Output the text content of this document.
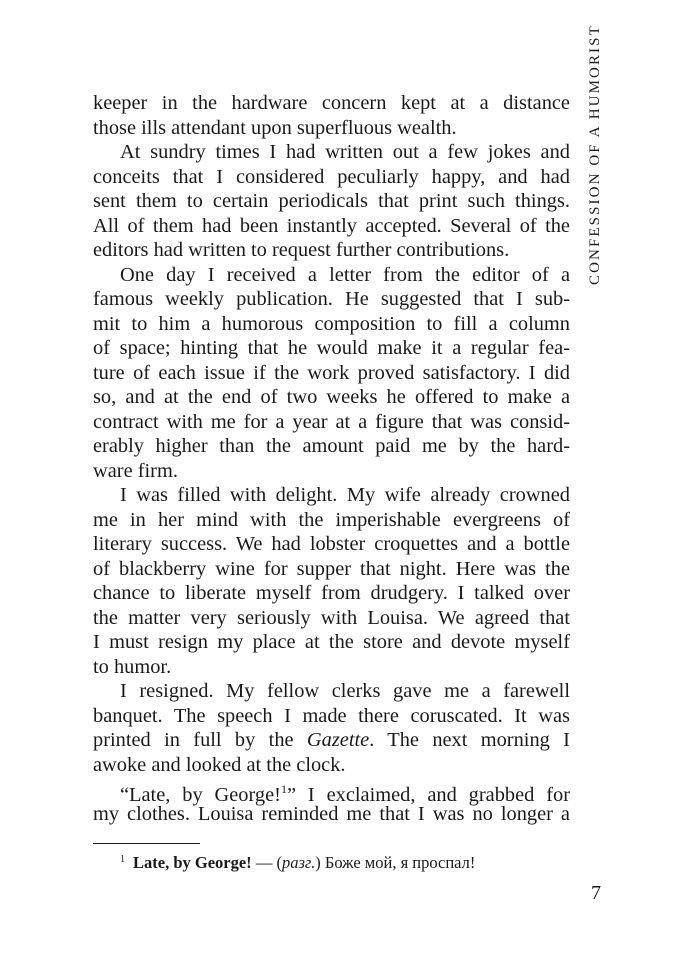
CONFESSION OF A HUMORIST

keeper in the hardware concern kept at a distance
those ills attendant upon superfluous wealth.

At sundry times I had written out a few jokes and
conceits that I considered peculiarly happy, and had
sent them to certain periodicals that print such things.
All of them had been instantly accepted. Several of the
editors had written to request further contributions.

One day I received a letter from the editor of a
famous weekly publication. He suggested that I sub-
mit to him a humorous composition to fill a column
of space; hinting that he would make it a regular fea-
ture of each issue if the work proved satisfactory. I did
so, and at the end of two weeks he offered to make a
contract with me for a year at a figure that was consid-
erably higher than the amount paid me by the hard-
ware firm.

I was filled with delight. My wife already crowned
me in her mind with the imperishable evergreens of
literary success. We had lobster croquettes and a bottle
of blackberry wine for supper that night. Here was the
chance to liberate myself from drudgery. I talked over
the matter very seriously with Louisa. We agreed that
I must resign my place at the store and devote myself
to humor.

I resigned. My fellow clerks gave me a farewell
banquet. The speech I made there coruscated. It was
printed in full by the Gazette. The next morning I
awoke and looked at the clock.

“Late, by George!$^1$” I exclaimed, and grabbed for
my clothes. Louisa reminded me that I was no longer a

$^1$ Late, by George! — (разг.) Боже мой, я проспал!
7
